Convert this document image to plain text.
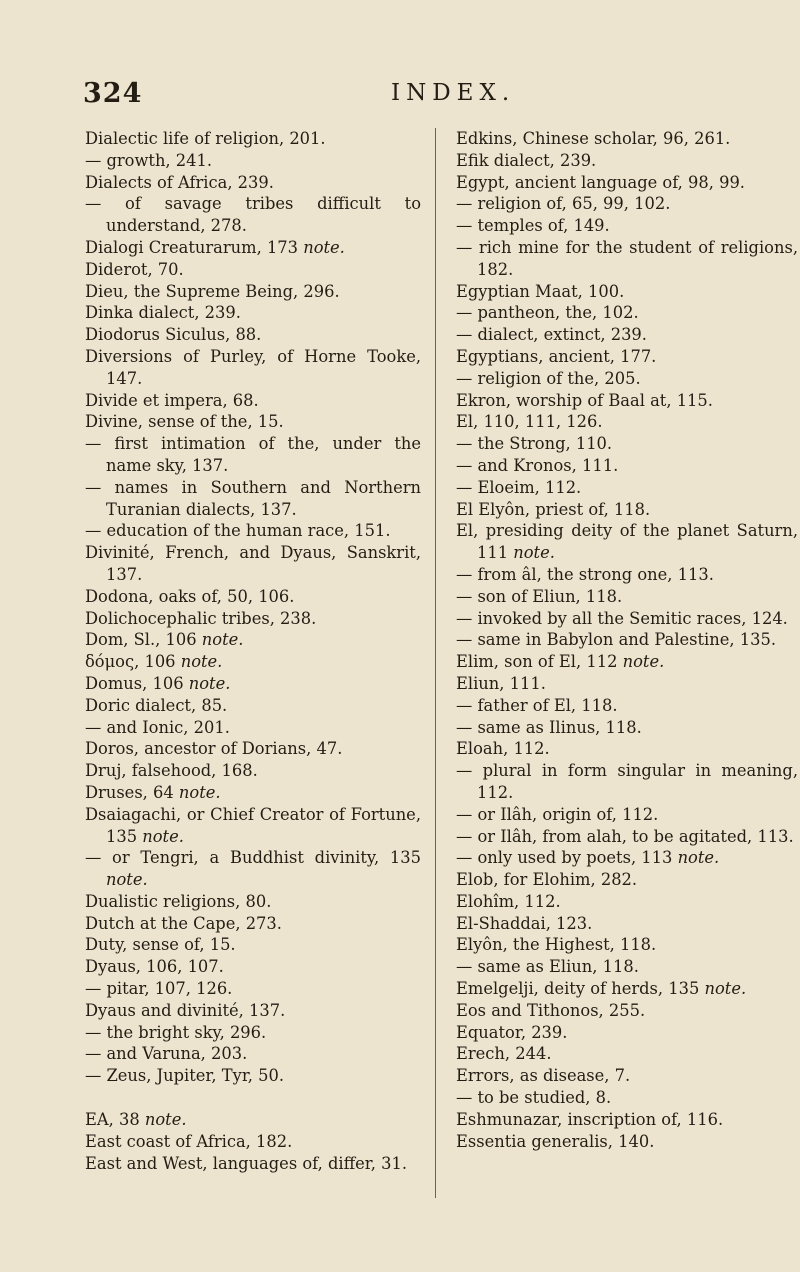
324	INDEX.
Dialectic life of religion, 201.
— growth, 241.
Dialects of Africa, 239.
— of savage tribes difficult to understand, 278.
Dialogi Creaturarum, 173 note.
Diderot, 70.
Dieu, the Supreme Being, 296.
Dinka dialect, 239.
Diodorus Siculus, 88.
Diversions of Purley, of Horne Tooke, 147.
Divide et impera, 68.
Divine, sense of the, 15.
— first intimation of the, under the name sky, 137.
— names in Southern and Northern Turanian dialects, 137.
— education of the human race, 151.
Divinité, French, and Dyaus, Sanskrit, 137.
Dodona, oaks of, 50, 106.
Dolichocephalic tribes, 238.
Dom, Sl., 106 note.
δόμος, 106 note.
Domus, 106 note.
Doric dialect, 85.
— and Ionic, 201.
Doros, ancestor of Dorians, 47.
Druj, falsehood, 168.
Druses, 64 note.
Dsaiagachi, or Chief Creator of Fortune, 135 note.
— or Tengri, a Buddhist divinity, 135 note.
Dualistic religions, 80.
Dutch at the Cape, 273.
Duty, sense of, 15.
Dyaus, 106, 107.
— pitar, 107, 126.
Dyaus and divinité, 137.
— the bright sky, 296.
— and Varuna, 203.
— Zeus, Jupiter, Tyr, 50.
EA, 38 note.
East coast of Africa, 182.
East and West, languages of, differ, 31.
Edkins, Chinese scholar, 96, 261.
Efik dialect, 239.
Egypt, ancient language of, 98, 99.
— religion of, 65, 99, 102.
— temples of, 149.
— rich mine for the student of religions, 182.
Egyptian Maat, 100.
— pantheon, the, 102.
— dialect, extinct, 239.
Egyptians, ancient, 177.
— religion of the, 205.
Ekron, worship of Baal at, 115.
El, 110, 111, 126.
— the Strong, 110.
— and Kronos, 111.
— Eloeim, 112.
El Elyôn, priest of, 118.
El, presiding deity of the planet Saturn, 111 note.
— from âl, the strong one, 113.
— son of Eliun, 118.
— invoked by all the Semitic races, 124.
— same in Babylon and Palestine, 135.
Elim, son of El, 112 note.
Eliun, 111.
— father of El, 118.
— same as Ilinus, 118.
Eloah, 112.
— plural in form singular in meaning, 112.
— or Ilâh, origin of, 112.
— or Ilâh, from alah, to be agitated, 113.
— only used by poets, 113 note.
Elob, for Elohim, 282.
Elohîm, 112.
El-Shaddai, 123.
Elyôn, the Highest, 118.
— same as Eliun, 118.
Emelgelji, deity of herds, 135 note.
Eos and Tithonos, 255.
Equator, 239.
Erech, 244.
Errors, as disease, 7.
— to be studied, 8.
Eshmunazar, inscription of, 116.
Essentia generalis, 140.
